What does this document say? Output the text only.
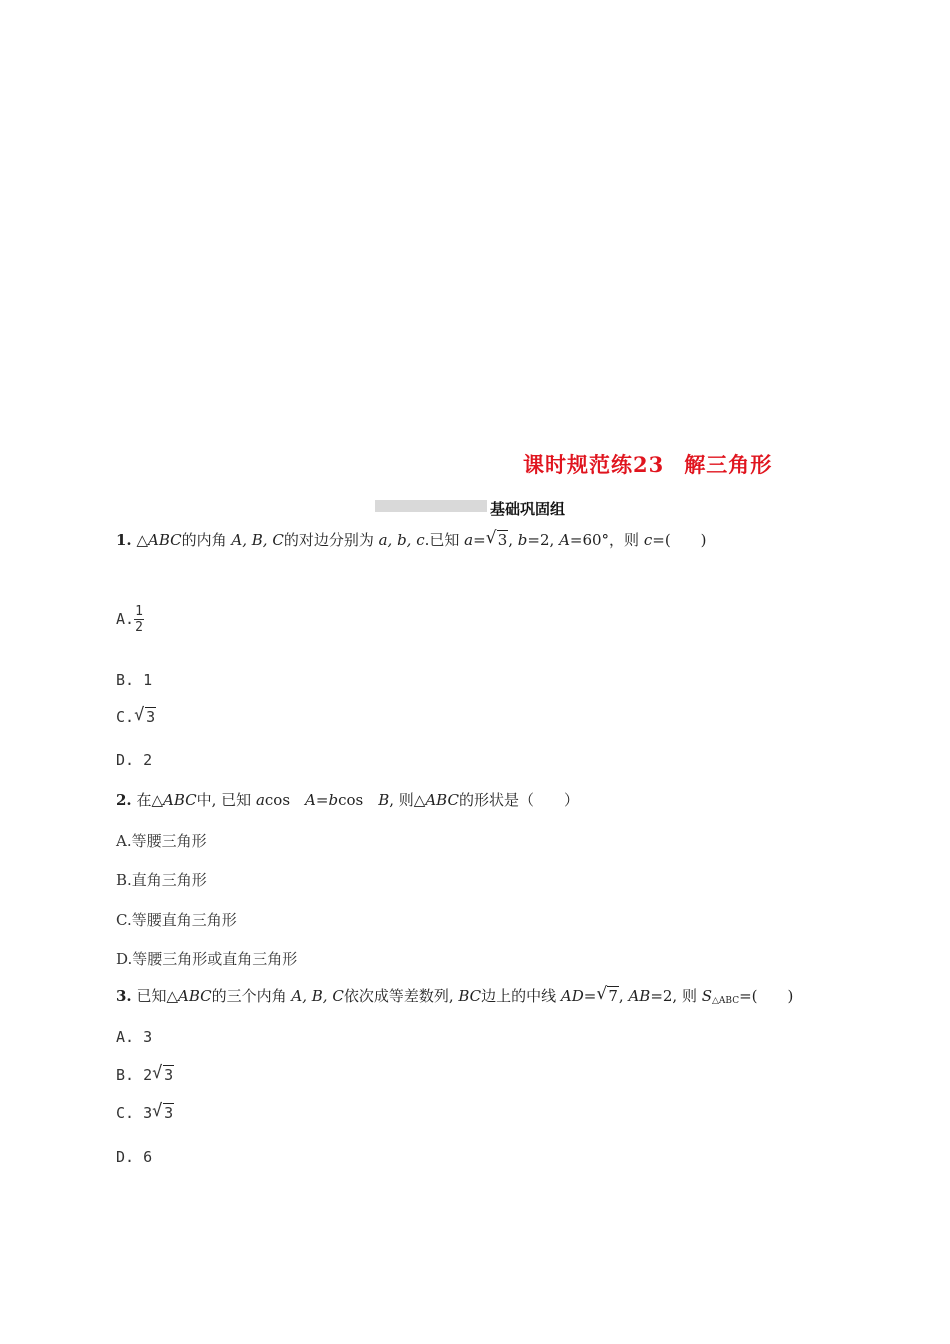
课时规范练23 解三角形
基础巩固组
1. △ABC的内角 A, B, C的对边分别为 a, b, c.已知 a= √ 3, b=2, A=60°，则 c=(　　)
A. $\frac{1}{2}$
B. 1
C. √ 3
D. 2
2. 在△ABC中, 已知 acos　A=bcos　B, 则△ABC的形状是（　　）
A.等腰三角形
B.直角三角形
C.等腰直角三角形
D.等腰三角形或直角三角形
3. 已知△ABC的三个内角 A, B, C依次成等差数列, BC边上的中线 AD= √ 7, AB=2, 则 $S_{\triangle ABC}=$(　　)
A. 3
B. 2 √ 3
C. 3 √ 3
D. 6
